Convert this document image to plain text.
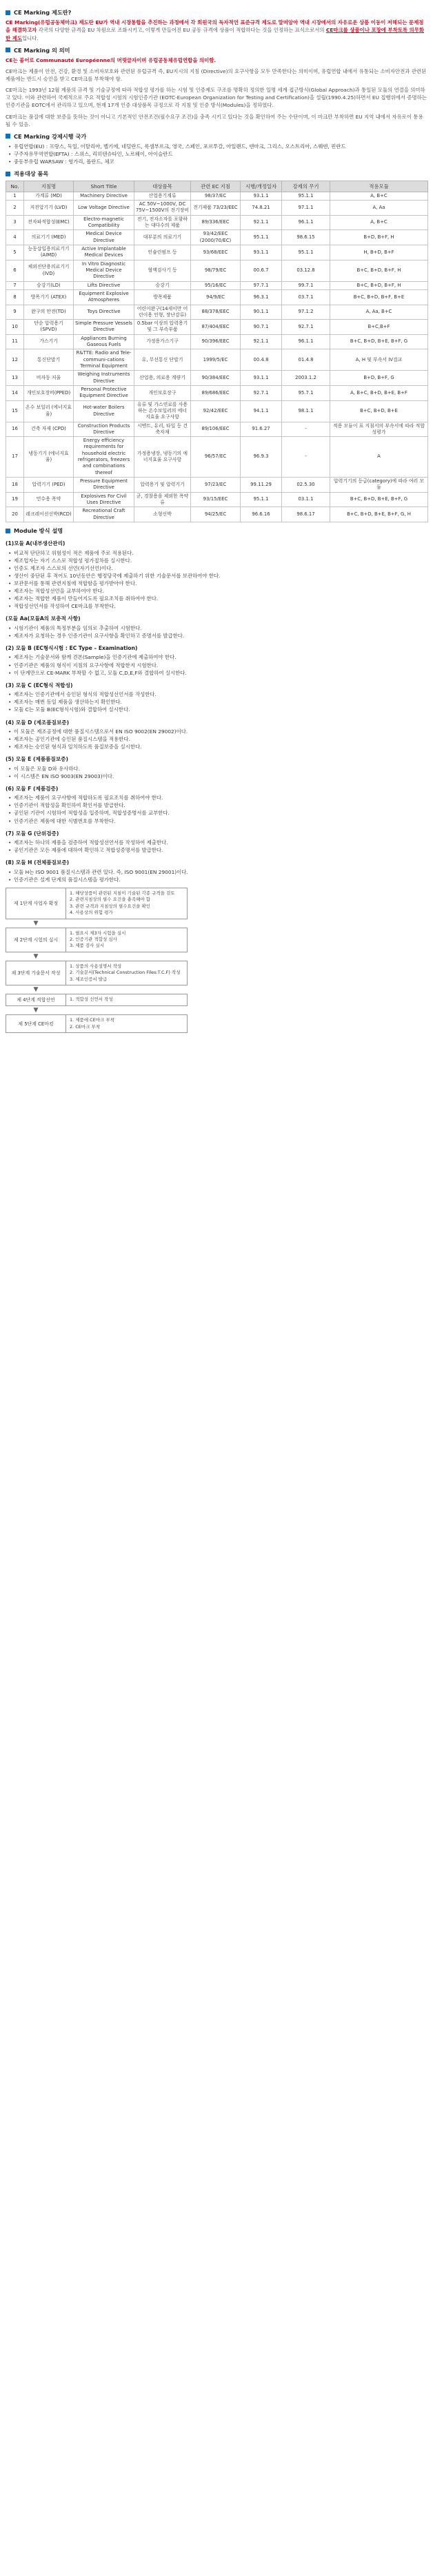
CE Marking 제도란?

CE Marking(유럽공동체마크) 제도란 EU가 역내 시장통합을 추진하는 과정에서 각 회원국의 독자적인 표준규격 제도로 말미암아 역내 시장에서의 자유로운 상품 이동이 저해되는 문제점을 해결하고자 각국의 다양한 규격을 EU 차원으로 조화시키고, 이렇게 만들어진 EU 공동 규격에 상품이 적합하다는 것을 인정하는 표식으로서의 CE마크를 상품이나 포장에 부착토록 의무화한 제도입니다.

CE Marking 의 의미

CE는 불어로 Communauté Européenne의 머릿글자이며 유럽공동체유럽연합을 의미함.

CE마크는 제품이 안전, 건강, 환경 및 소비자보호와 관련된 유럽규격 즉, EU지시의 지침 (Directive)의 요구사항을 모두 만족한다는 의미이며, 유럽연합 내에서 유통되는 소비자안전과 관련된 제품에는 반드시 승인을 받고 CE마크를 부착해야 함.

CE마크는 1993년 12월 제품의 규격 및 기술규정에 따라 적합성 평가를 하는 시험 및 인증제도 구조를 명확히 정의한 일명 세계 접근방식(Global Approach)과 통일된 모듈의 연결을 의미하고 있다. 이와 관련하여 국제적으로 주요 적합성 시험의 시험인증기관 (EOTC-European Organization for Testing and Certification)을 설립(1990.4.25)하면서 EU 집행위에서 증명하는 인증기관을 EOTC에서 관리하고 있으며, 현재 17개 인증 대상품목 규정으로 각 지침 및 인증 방식(Modules)을 정하였다.

CE마크는 품질에 대한 보증을 뜻하는 것이 아니고 기본적인 안전조건(필수요구 조건)을 충족 시키고 있다는 것을 확인하여 주는 수단이며, 이 마크만 부착하면 EU 지역 내에서 자유로이 통용될 수 있음.

CE Marking 강제시행 국가
• 유럽연합(EU) : 프랑스, 독일, 이탈리아, 벨기에, 네덜란드, 룩셈부르크, 영국, 스페인, 포르투갈, 아일랜드, 덴마크, 그리스, 오스트리아, 스웨덴, 핀란드
• 구주자유무역연합(EFTA) : 스위스, 리히텐슈타인, 노르웨이, 아이슬란드
• 중동부유럽 WARSAW : 헝가리, 폴란드, 체코
적용대상 품목
No.	지침명	Short Title	대상품목	관련 EC 지침	시행/개정일자	강제의 무기	적용모듈
1	가계류 (MD)	Machinery Directive	산업용기계류	98/37/EC	93.1.1	95.1.1	A, B+C
2	저전압기기 (LVD)	Low Voltage Directive	AC 50V~1000V, DC 75V~1500V의 전기장비	전기제품 73/23/EEC	74.8.21	97.1.1	A, Aa
3	전자파적합성(EMC)	Electro-magnetic Compatibility	전기, 전자소자를 포함하는 대다수의 제품	89/336/EEC	92.1.1	96.1.1	A, B+C
4	의료기기 (MED)	Medical Device Directive	대부분의 의료기기	93/42/EEC (2000/70/EC)	95.1.1	98.6.15	B+D, B+F, H
5	능동삽입용의료기기 (AIMD)	Active Implantable Medical Devices	인슐린펌프 등	93/68/EEC	93.1.1	95.1.1	H, B+D, B+F
6	체외진단용의료기기 (IVD)	In Vitro Diagnostic Medical Device Directive	혈액검사기 등	98/79/EC	00.6.7	03.12.8	B+C, B+D, B+F, H
7	승강기(LD)	Lifts Directive	승강기	95/16/EC	97.7.1	99.7.1	B+C, B+D, B+F, H
8	방폭기기 (ATEX)	Equipment Explosive Atmospheres	방폭제품	94/9/EC	96.3.1	03.7.1	B+C, B+D, B+F, B+E
9	완구의 안전(TD)	Toys Directive	어린이완구(14세이만 어린이용 인형, 장난감류)	88/378/EEC	90.1.1	97.1.2	A, Aa, B+C
10	단순 압력용기 (SPVD)	Simple Pressure Vessels Directive	0.5bar 이상의 압력용기 및 그 부속부품	87/404/EEC	90.7.1	92.7.1	B+C,B+F
11	가스기기	Appliances Burning Gaseous Fuels	가정용가스기구	90/396/EEC	92.1.1	96.1.1	B+C, B+D, B+E, B+F, G
12	통신단말기	R&TTE: Radio and Tele-communi-cations Terminal Equipment	유, 무선통신 단말기	1999/5/EC	00.4.8	01.4.8	A, H 및 부속서 IV검교
13	비자동 저울	Weighing Instruments Directive	산업용, 의료용 계량기	90/384/EEC	93.1.1	2003.1.2	B+D, B+F, G
14	개인보호장비(PPED)	Personal Protective Equipment Directive	개인보호장구	89/686/EEC	92.7.1	95.7.1	A, B+C, B+D, B+E, B+F
15	온수 보일러 (에너지효율)	Hot-water Boilers Directive	유류 및 가스연료를 사용하는 온수보일러의 에너지효율 요구사항	92/42/EEC	94.1.1	98.1.1	B+C, B+D, B+E
16	건축 자재 (CPD)	Construction Products Directive	시멘트, 유리, 타일 등 건축자재	89/106/EEC	91.6.27	-	적용 모듈이 표 지침서의 부속서에 따라 적합성평가
17	냉동기기 (에너지효율)	Energy efficiency requirements for household electric refrigerators, freezers and combinations thereof	가정용냉장, 냉동기의 에너지효율 요구사항	96/57/EC	96.9.3	-	A
18	압력기기 (PED)	Pressure Equipment Directive	압력용기 및 압력기기	97/23/EC	99.11.29	02.5.30	압력기기의 등급(category)에 따라 여러 모듈
19	민수용 폭약	Explosives For Civil Uses Directive	군, 경찰용을 제외한 폭약류	93/15/EEC	95.1.1	03.1.1	B+C, B+D, B+E, B+F, G
20	레크레이션선박(RCD)	Recreational Craft Directive	소형선박	94/25/EC	96.6.16	98.6.17	B+C, B+D, B+E, B+F, G, H
Module 방식 설명
(1)모듈 A(내부생산관리)
• 비교적 단단하고 위험성이 적은 제품에 주로 적용된다.
• 제조업자는 자기 스스로 적합성 평가절차를 실시한다.
• 인증도 제조자 스스로의 선언(자기선언)이다.
• 생산이 중단된 후 적어도 10년동안은 행정당국에 제출하기 위한 기술문서를 보관하여야 한다.
• 보관문서를 통해 관련지침에 적합함을 평가받아야 한다.
• 제조자는 적합성선언을 교부하여야 한다.
• 제조자는 적합한 제품이 만들어지도록 필요조치를 취하여야 한다.
• 적합성선언서를 작성하여 CE마크를 부착한다.
(모듈 Aa(모듈A의 보충적 사항)
• 시험기관이 제품의 특정부분을 임의로 추출하여 시험한다.
• 제조자가 요청하는 경우 인증기관이 요구사항을 확인하고 증명서를 발급한다.
(2) 모듈 B (EC형식시험 : EC Type – Examination)
• 제조자는 기술문서와 함께 견본(Sample)을 인증기관에 제출하여야 한다.
• 인증기관은 제품의 형식이 지침의 요구사항에 적합한지 시험한다.
• 이 단계만으로 CE-MARK 부착할 수 없고, 모듈 C,D,E,F와 결합하여 실시한다.
(3) 모듈 C (EC형식 적합성)
• 제조자는 인증기관에서 승인된 형식의 적합성선언서를 작성한다.
• 제조자는 매번 동일 제품을 생산하는지 확인한다.
• 모듈 C는 모듈 B(EC형식시험)와 결합하여 실시한다.
(4) 모듈 D (제조품질보증)
• 이 모듈은 제조공정에 대한 품질시스템으로서 EN ISO 9002(EN 29002)이다.
• 제조자는 공인기관에 승인된 품질시스템을 적용한다.
• 제조자는 승인된 형식과 일치하도록 품질보증을 실시한다.
(5) 모듈 E (제품품질보증)
• 이 모듈은 모듈 D와 유사하다.
• 이 시스템은 EN ISO 9003(EN 29003)이다.
(6) 모듈 F (제품검증)
• 제조자는 제품이 요구사항에 적합하도록 필요조치를 취하여야 한다.
• 인증기관이 적합성을 확인하여 확인서를 발급한다.
• 공인된 기관이 시험하여 적합성을 입증하며, 적합성증명서를 교부한다.
• 인증기관은 제품에 대한 식별번호를 부착한다.
(7) 모듈 G (단위검증)
• 제조자는 하나의 제품을 검증하여 적합성선언서를 작성하여 제출한다.
• 공인기관은 모든 제품에 대하여 확인하고 적합성증명서를 발급한다.
(8) 모듈 H (전체품질보증)
• 모듈 H는 ISO 9001 품질시스템과 관련 있다. 즉, ISO 9001(EN 29001)이다.
• 인증기관은 설계 단계의 품질시스템을 평가한다.
제 1단계 사업자 확정
1. 해당상품이 관련된 지침이 기술된 각종 규격을 검토
2. 관련지침상의 필수 요건을 충족해야 함
3. 관련 규격과 지침상의 필수요건을 확인
4. 사용상의 위험 평가
▼
제 2단계 시험의 실시
1. 필요시 제3자 시험을 실시
2. 인증기관 적합성 심사
3. 제품 검사 실시
▼
제 3단계 기술문서 작성
1. 상품의 사용설명서 작성
2. 기술문서(Technical Construction Files:T.C.F) 작성
3. 제조인증서 발급
▼
제 4단계 적합선언	1. 적합성 선언서 작성
▼
제 5단계 CE마킹
1. 제품에 CE마크 부착
2. CE마크 부착
